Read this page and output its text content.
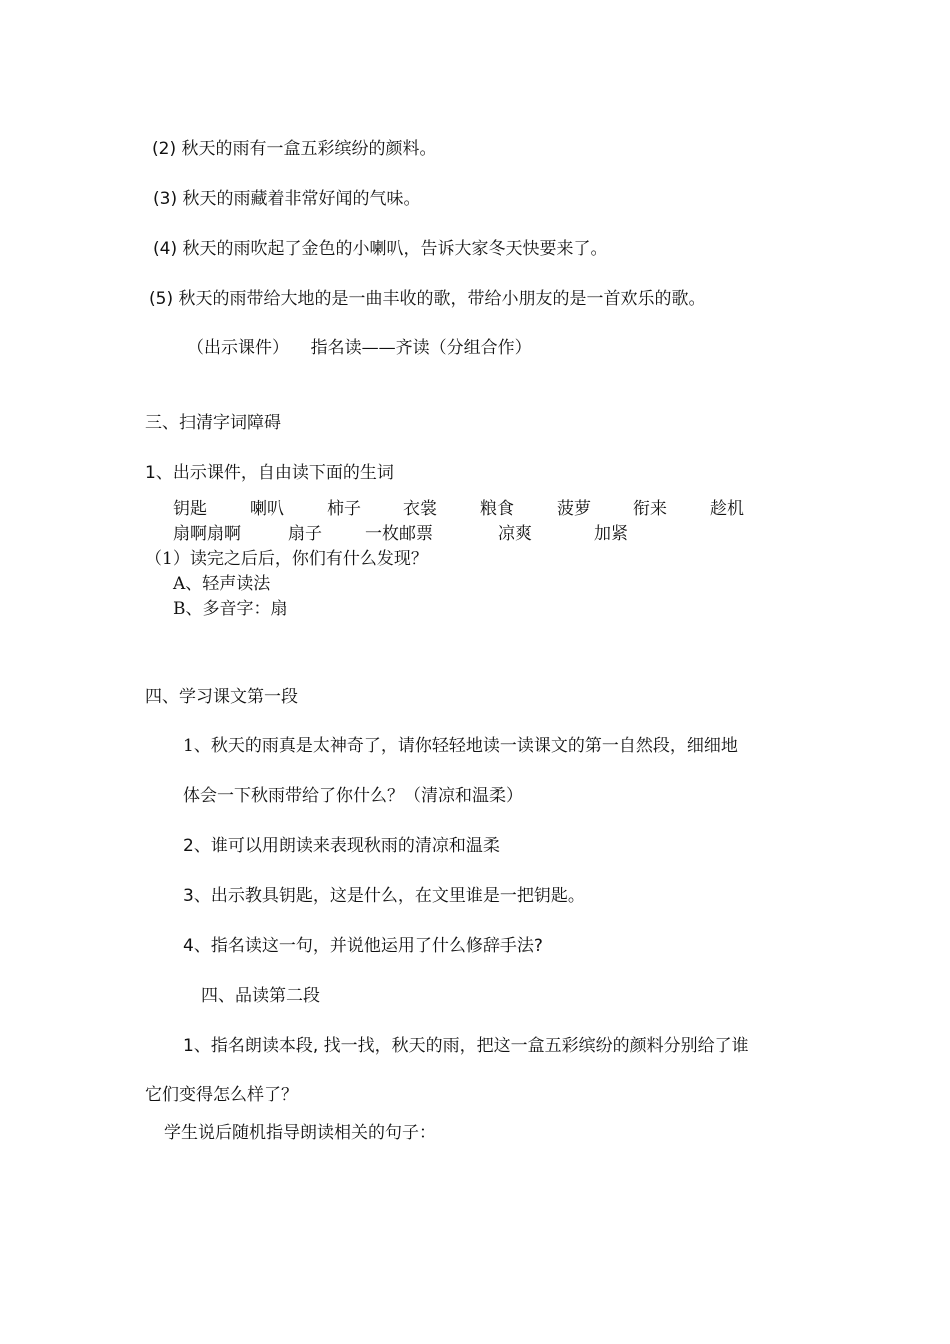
(2) 秋天的雨有一盒五彩缤纷的颜料。
(3) 秋天的雨藏着非常好闻的气味。
(4) 秋天的雨吹起了金色的小喇叭，告诉大家冬天快要来了。
(5) 秋天的雨带给大地的是一曲丰收的歌，带给小朋友的是一首欢乐的歌。
（出示课件）    指名读——齐读（分组合作）
三、扫清字词障碍
1、出示课件，自由读下面的生词
钥匙	喇叭	柿子 衣裳	粮食	菠萝 衔来	趁机
扇啊扇啊	扇子	一枚邮票	凉爽	加紧
（1）读完之后后，你们有什么发现？
A、轻声读法
B、多音字：扇
四、学习课文第一段
1、秋天的雨真是太神奇了，请你轻轻地读一读课文的第一自然段，细细地
体会一下秋雨带给了你什么？（清凉和温柔）
2、谁可以用朗读来表现秋雨的清凉和温柔
3、出示教具钥匙，这是什么，在文里谁是一把钥匙。
4、指名读这一句，并说他运用了什么修辞手法?
四、品读第二段
1、指名朗读本段, 找一找，秋天的雨，把这一盒五彩缤纷的颜料分别给了谁
它们变得怎么样了？
学生说后随机指导朗读相关的句子：
